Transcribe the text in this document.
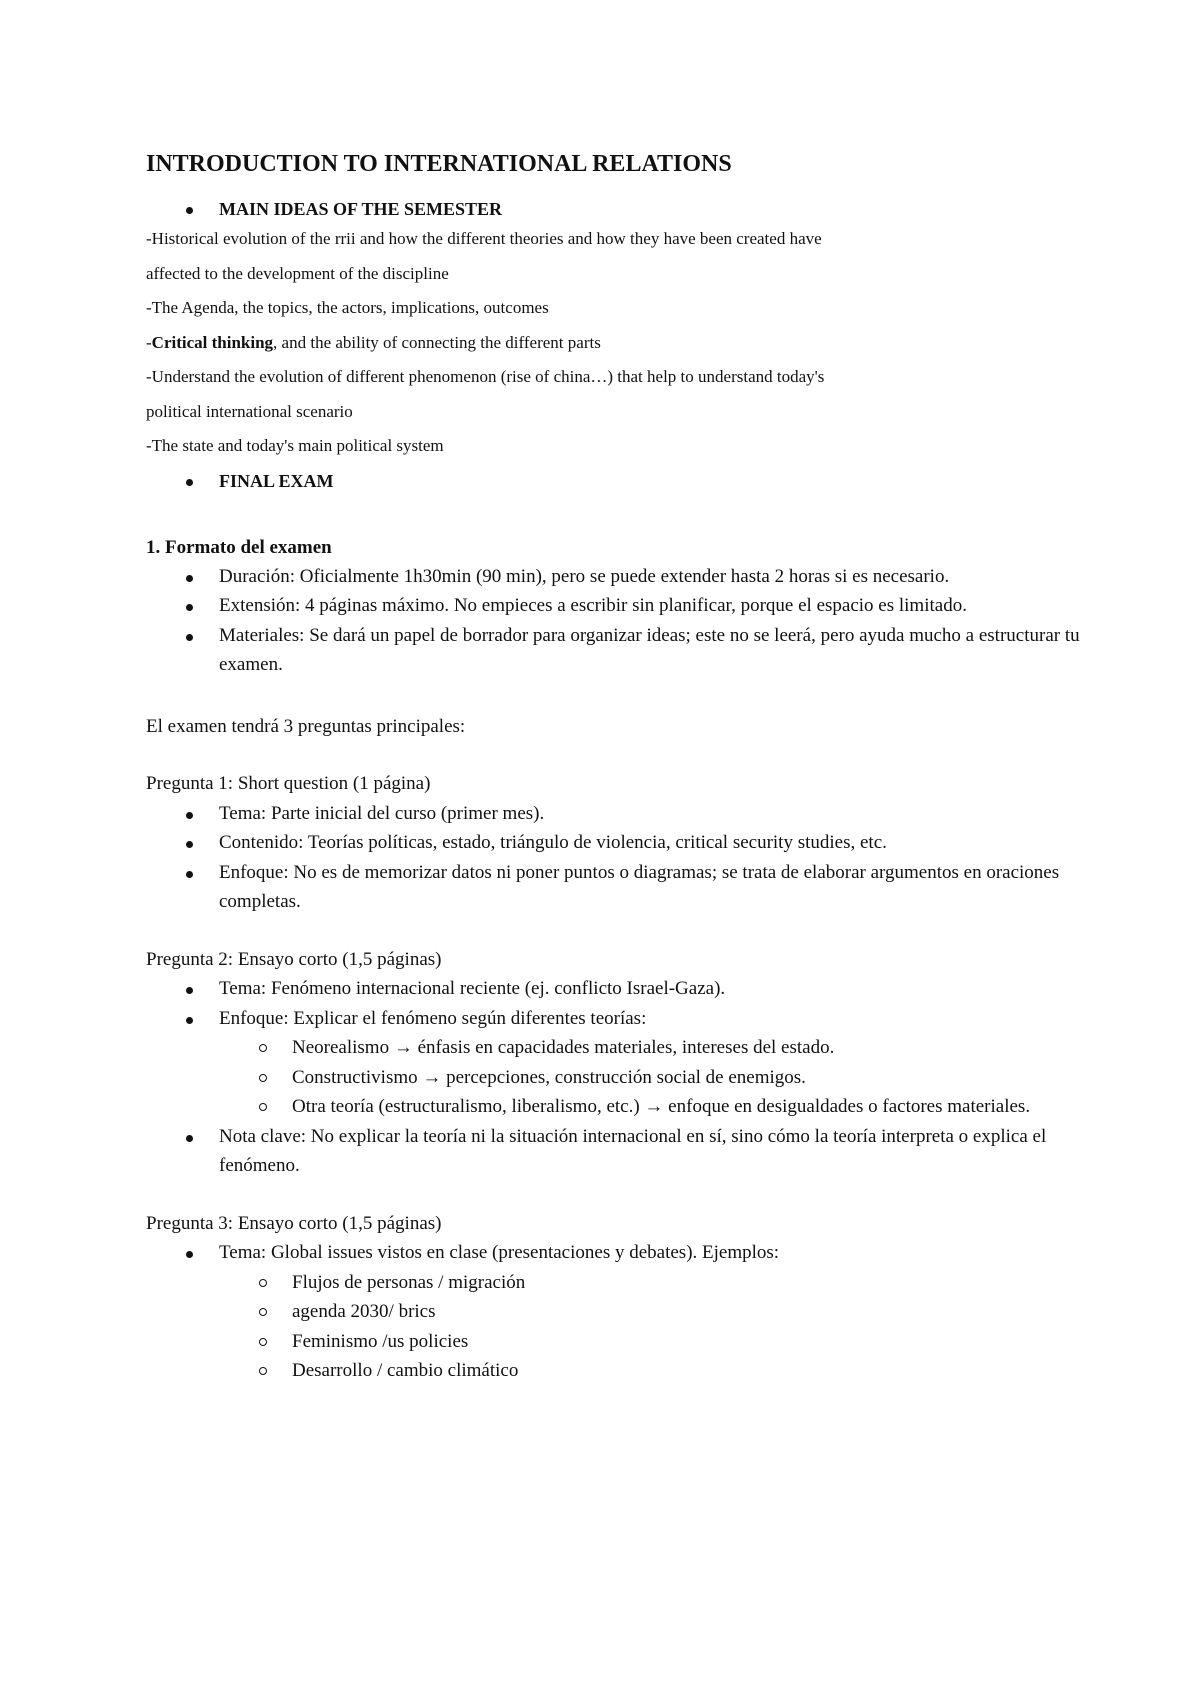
INTRODUCTION TO INTERNATIONAL RELATIONS
MAIN IDEAS OF THE SEMESTER

-Historical evolution of the rrii and how the different theories and how they have been created have

affected to the development of the discipline

-The Agenda, the topics, the actors, implications, outcomes

-Critical thinking, and the ability of connecting the different parts

-Understand the evolution of different phenomenon (rise of china…) that help to understand today's

political international scenario

-The state and today's main political system

FINAL EXAM

1. Formato del examen

Duración: Oficialmente 1h30min (90 min), pero se puede extender hasta 2 horas si es necesario.
Extensión: 4 páginas máximo. No empieces a escribir sin planificar, porque el espacio es limitado.
Materiales: Se dará un papel de borrador para organizar ideas; este no se leerá, pero ayuda mucho a estructurar tu examen.

El examen tendrá 3 preguntas principales:

Pregunta 1: Short question (1 página)

Tema: Parte inicial del curso (primer mes).
Contenido: Teorías políticas, estado, triángulo de violencia, critical security studies, etc.
Enfoque: No es de memorizar datos ni poner puntos o diagramas; se trata de elaborar argumentos en oraciones completas.

Pregunta 2: Ensayo corto (1,5 páginas)

Tema: Fenómeno internacional reciente (ej. conflicto Israel-Gaza).
Enfoque: Explicar el fenómeno según diferentes teorías:
Neorealismo → énfasis en capacidades materiales, intereses del estado.
Constructivismo → percepciones, construcción social de enemigos.
Otra teoría (estructuralismo, liberalismo, etc.) → enfoque en desigualdades o factores materiales.
Nota clave: No explicar la teoría ni la situación internacional en sí, sino cómo la teoría interpreta o explica el fenómeno.

Pregunta 3: Ensayo corto (1,5 páginas)

Tema: Global issues vistos en clase (presentaciones y debates). Ejemplos:
Flujos de personas / migración
agenda 2030/ brics
Feminismo /us policies
Desarrollo / cambio climático
